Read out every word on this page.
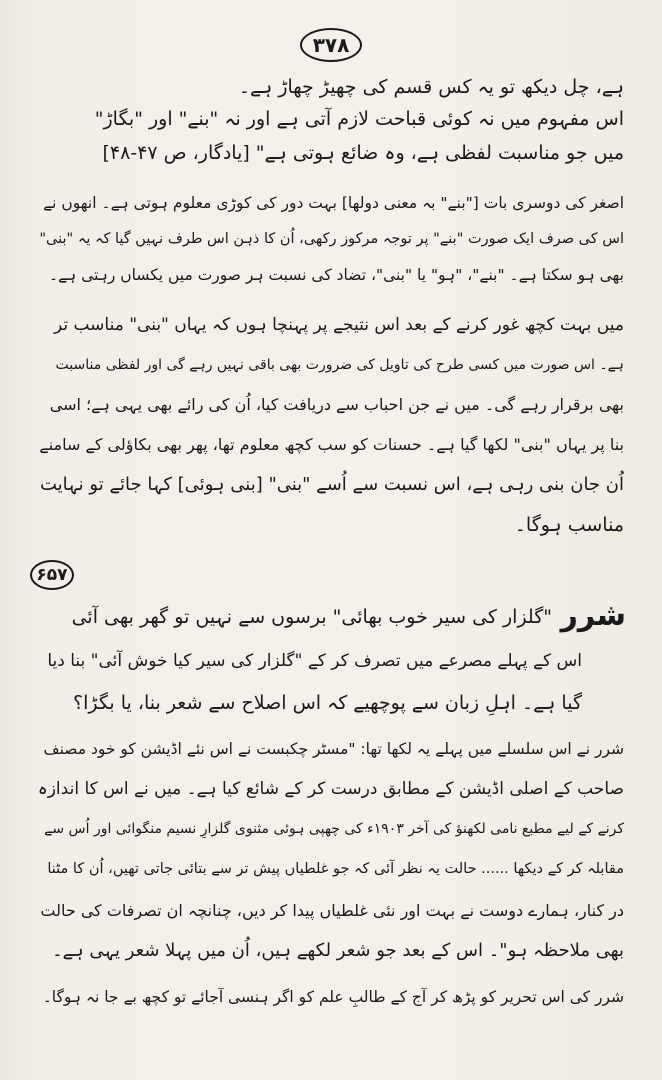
۳۷۸
ہے، چل دیکھ تو یہ کس قسم کی چھیڑ چھاڑ ہے۔
اس مفہوم میں نہ کوئی قباحت لازم آتی ہے اور نہ "بنے" اور "بگاڑ"
میں جو مناسبت لفظی ہے، وہ ضائع ہوتی ہے" [یادگار، ص ۴۷-۴۸]
اصغر کی دوسری بات ["بنے" بہ معنی دولھا] بہت دور کی کوڑی معلوم ہوتی ہے۔ انھوں نے
اس کی صرف ایک صورت "بنے" پر توجہ مرکوز رکھی، اُن کا ذہن اس طرف نہیں گیا کہ یہ "بنی"
بھی ہو سکتا ہے۔ "بنے"، "ہو" یا "بنی"، تضاد کی نسبت ہر صورت میں یکساں رہتی ہے۔
میں بہت کچھ غور کرنے کے بعد اس نتیجے پر پہنچا ہوں کہ یہاں "بنی" مناسب تر
ہے۔ اس صورت میں کسی طرح کی تاویل کی ضرورت بھی باقی نہیں رہے گی اور لفظی مناسبت
بھی برقرار رہے گی۔ میں نے جن احباب سے دریافت کیا، اُن کی رائے بھی یہی ہے؛ اسی
بنا پر یہاں "بنی" لکھا گیا ہے۔ حسنات کو سب کچھ معلوم تھا، پھر بھی بکاؤلی کے سامنے
اُن جان بنی رہی ہے، اس نسبت سے اُسے "بنی" [بنی ہوئی] کہا جائے تو نہایت
مناسب ہوگا۔
۶۵۷
شرر
"گلزار کی سیر خوب بھائی" برسوں سے نہیں تو گھر بھی آئی
اس کے پہلے مصرعے میں تصرف کر کے "گلزار کی سیر کیا خوش آئی" بنا دیا
گیا ہے۔ اہلِ زبان سے پوچھیے کہ اس اصلاح سے شعر بنا، یا بگڑا؟
شرر نے اس سلسلے میں پہلے یہ لکھا تھا: "مسٹر چکبست نے اس نئے اڈیشن کو خود مصنف
صاحب کے اصلی اڈیشن کے مطابق درست کر کے شائع کیا ہے۔ میں نے اس کا اندازہ
کرنے کے لیے مطبع نامی لکھنؤ کی آخر ۱۹۰۳ء کی چھپی ہوئی مثنوی گلزارِ نسیم منگوائی اور اُس سے
مقابلہ کر کے دیکھا ...... حالت یہ نظر آئی کہ جو غلطیاں پیش تر سے بتائی جاتی تھیں، اُن کا مٹنا
در کنار، ہمارے دوست نے بہت اور نئی غلطیاں پیدا کر دیں، چنانچہ ان تصرفات کی حالت
بھی ملاحظہ ہو"۔ اس کے بعد جو شعر لکھے ہیں، اُن میں پہلا شعر یہی ہے۔
شرر کی اس تحریر کو پڑھ کر آج کے طالبِ علم کو اگر ہنسی آجائے تو کچھ بے جا نہ ہوگا۔
